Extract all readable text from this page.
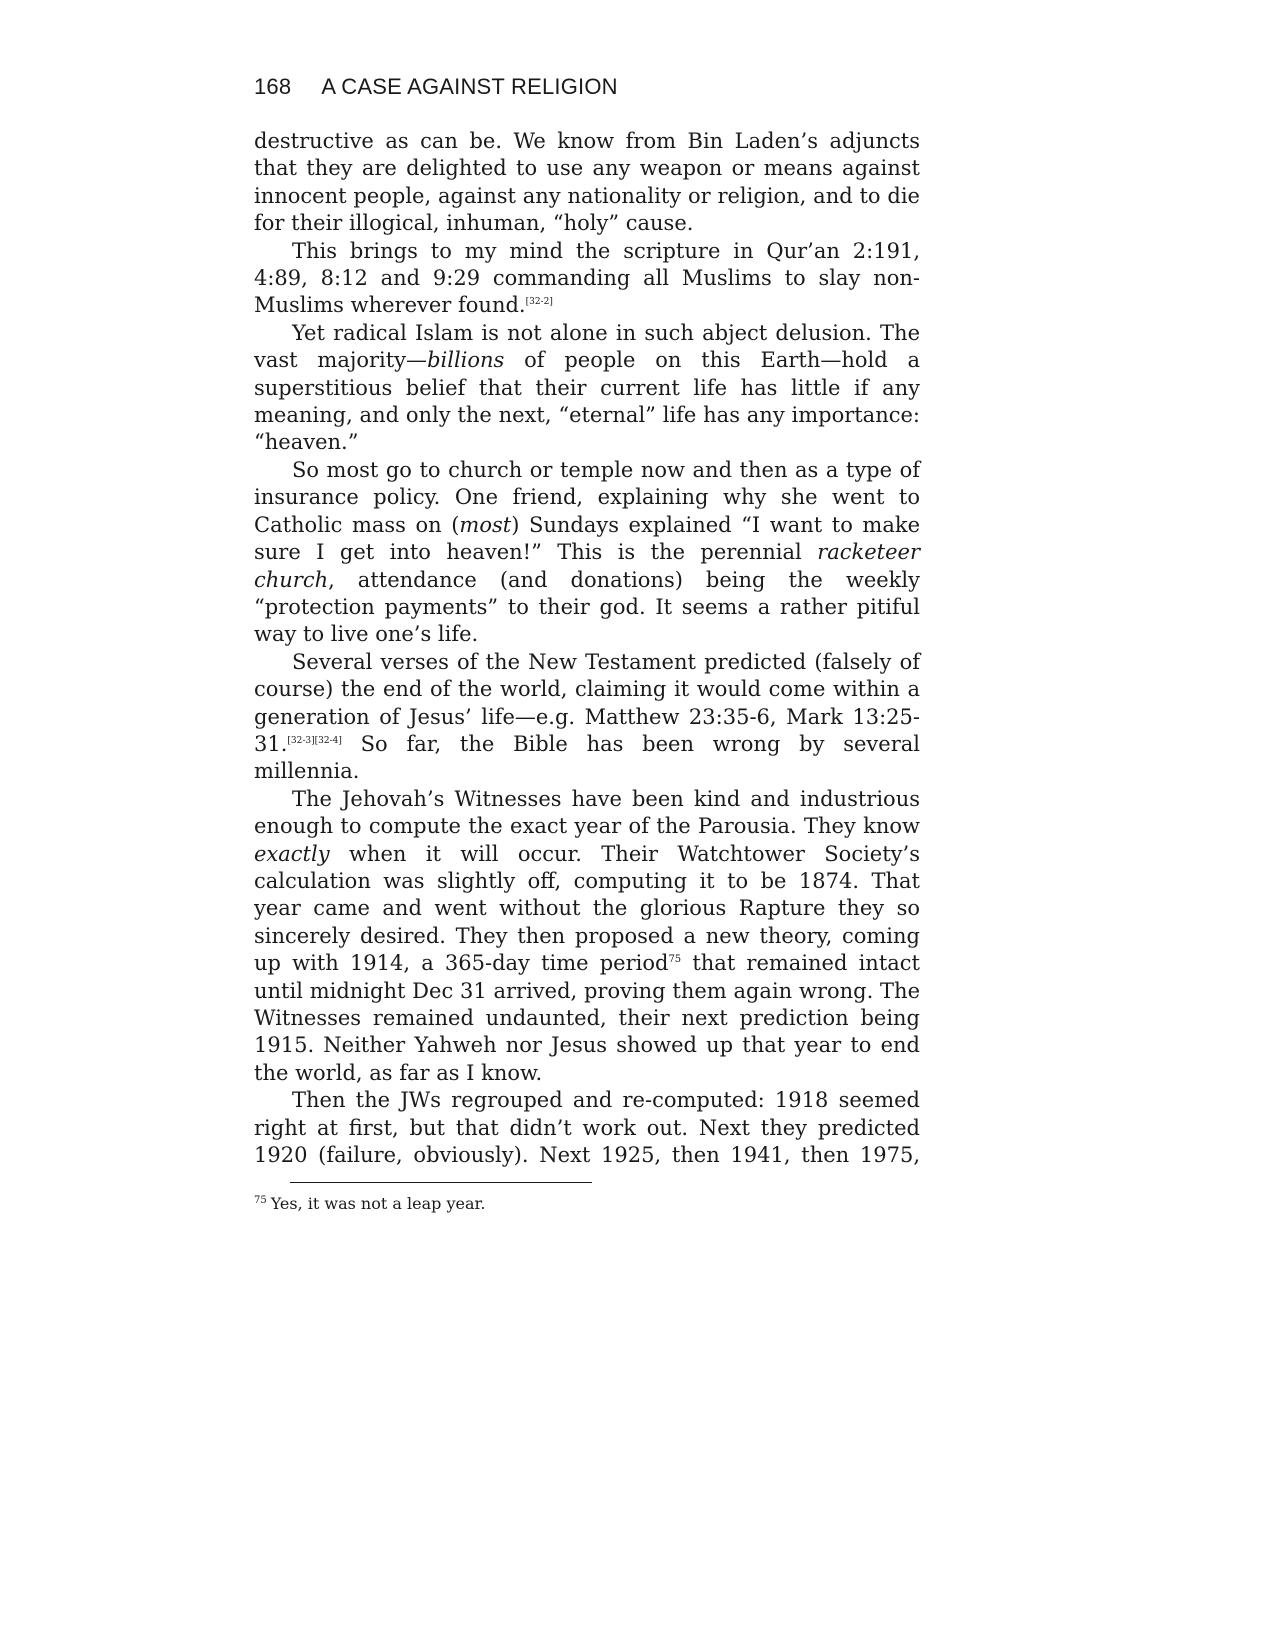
168 A CASE AGAINST RELIGION

destructive as can be. We know from Bin Laden’s adjuncts that they are delighted to use any weapon or means against innocent people, against any nationality or religion, and to die for their illogical, inhuman, “holy” cause.

This brings to my mind the scripture in Qur’an 2:191, 4:89, 8:12 and 9:29 commanding all Muslims to slay non-Muslims wherever found.[32-2]

Yet radical Islam is not alone in such abject delusion. The vast majority—billions of people on this Earth—hold a superstitious belief that their current life has little if any meaning, and only the next, “eternal” life has any importance: “heaven.”

So most go to church or temple now and then as a type of insurance policy. One friend, explaining why she went to Catholic mass on (most) Sundays explained “I want to make sure I get into heaven!” This is the perennial racketeer church, attendance (and donations) being the weekly “protection payments” to their god. It seems a rather pitiful way to live one’s life.

Several verses of the New Testament predicted (falsely of course) the end of the world, claiming it would come within a generation of Jesus’ life—e.g. Matthew 23:35-6, Mark 13:25-31.[32-3][32-4] So far, the Bible has been wrong by several millennia.

The Jehovah’s Witnesses have been kind and industrious enough to compute the exact year of the Parousia. They know exactly when it will occur. Their Watchtower Society’s calculation was slightly off, computing it to be 1874. That year came and went without the glorious Rapture they so sincerely desired. They then proposed a new theory, coming up with 1914, a 365-day time period$^{75}$ that remained intact until midnight Dec 31 arrived, proving them again wrong. The Witnesses remained undaunted, their next prediction being 1915. Neither Yahweh nor Jesus showed up that year to end the world, as far as I know.

Then the JWs regrouped and re-computed: 1918 seemed right at first, but that didn’t work out. Next they predicted 1920 (failure, obviously). Next 1925, then 1941, then 1975,

$^{75}$ Yes, it was not a leap year.
